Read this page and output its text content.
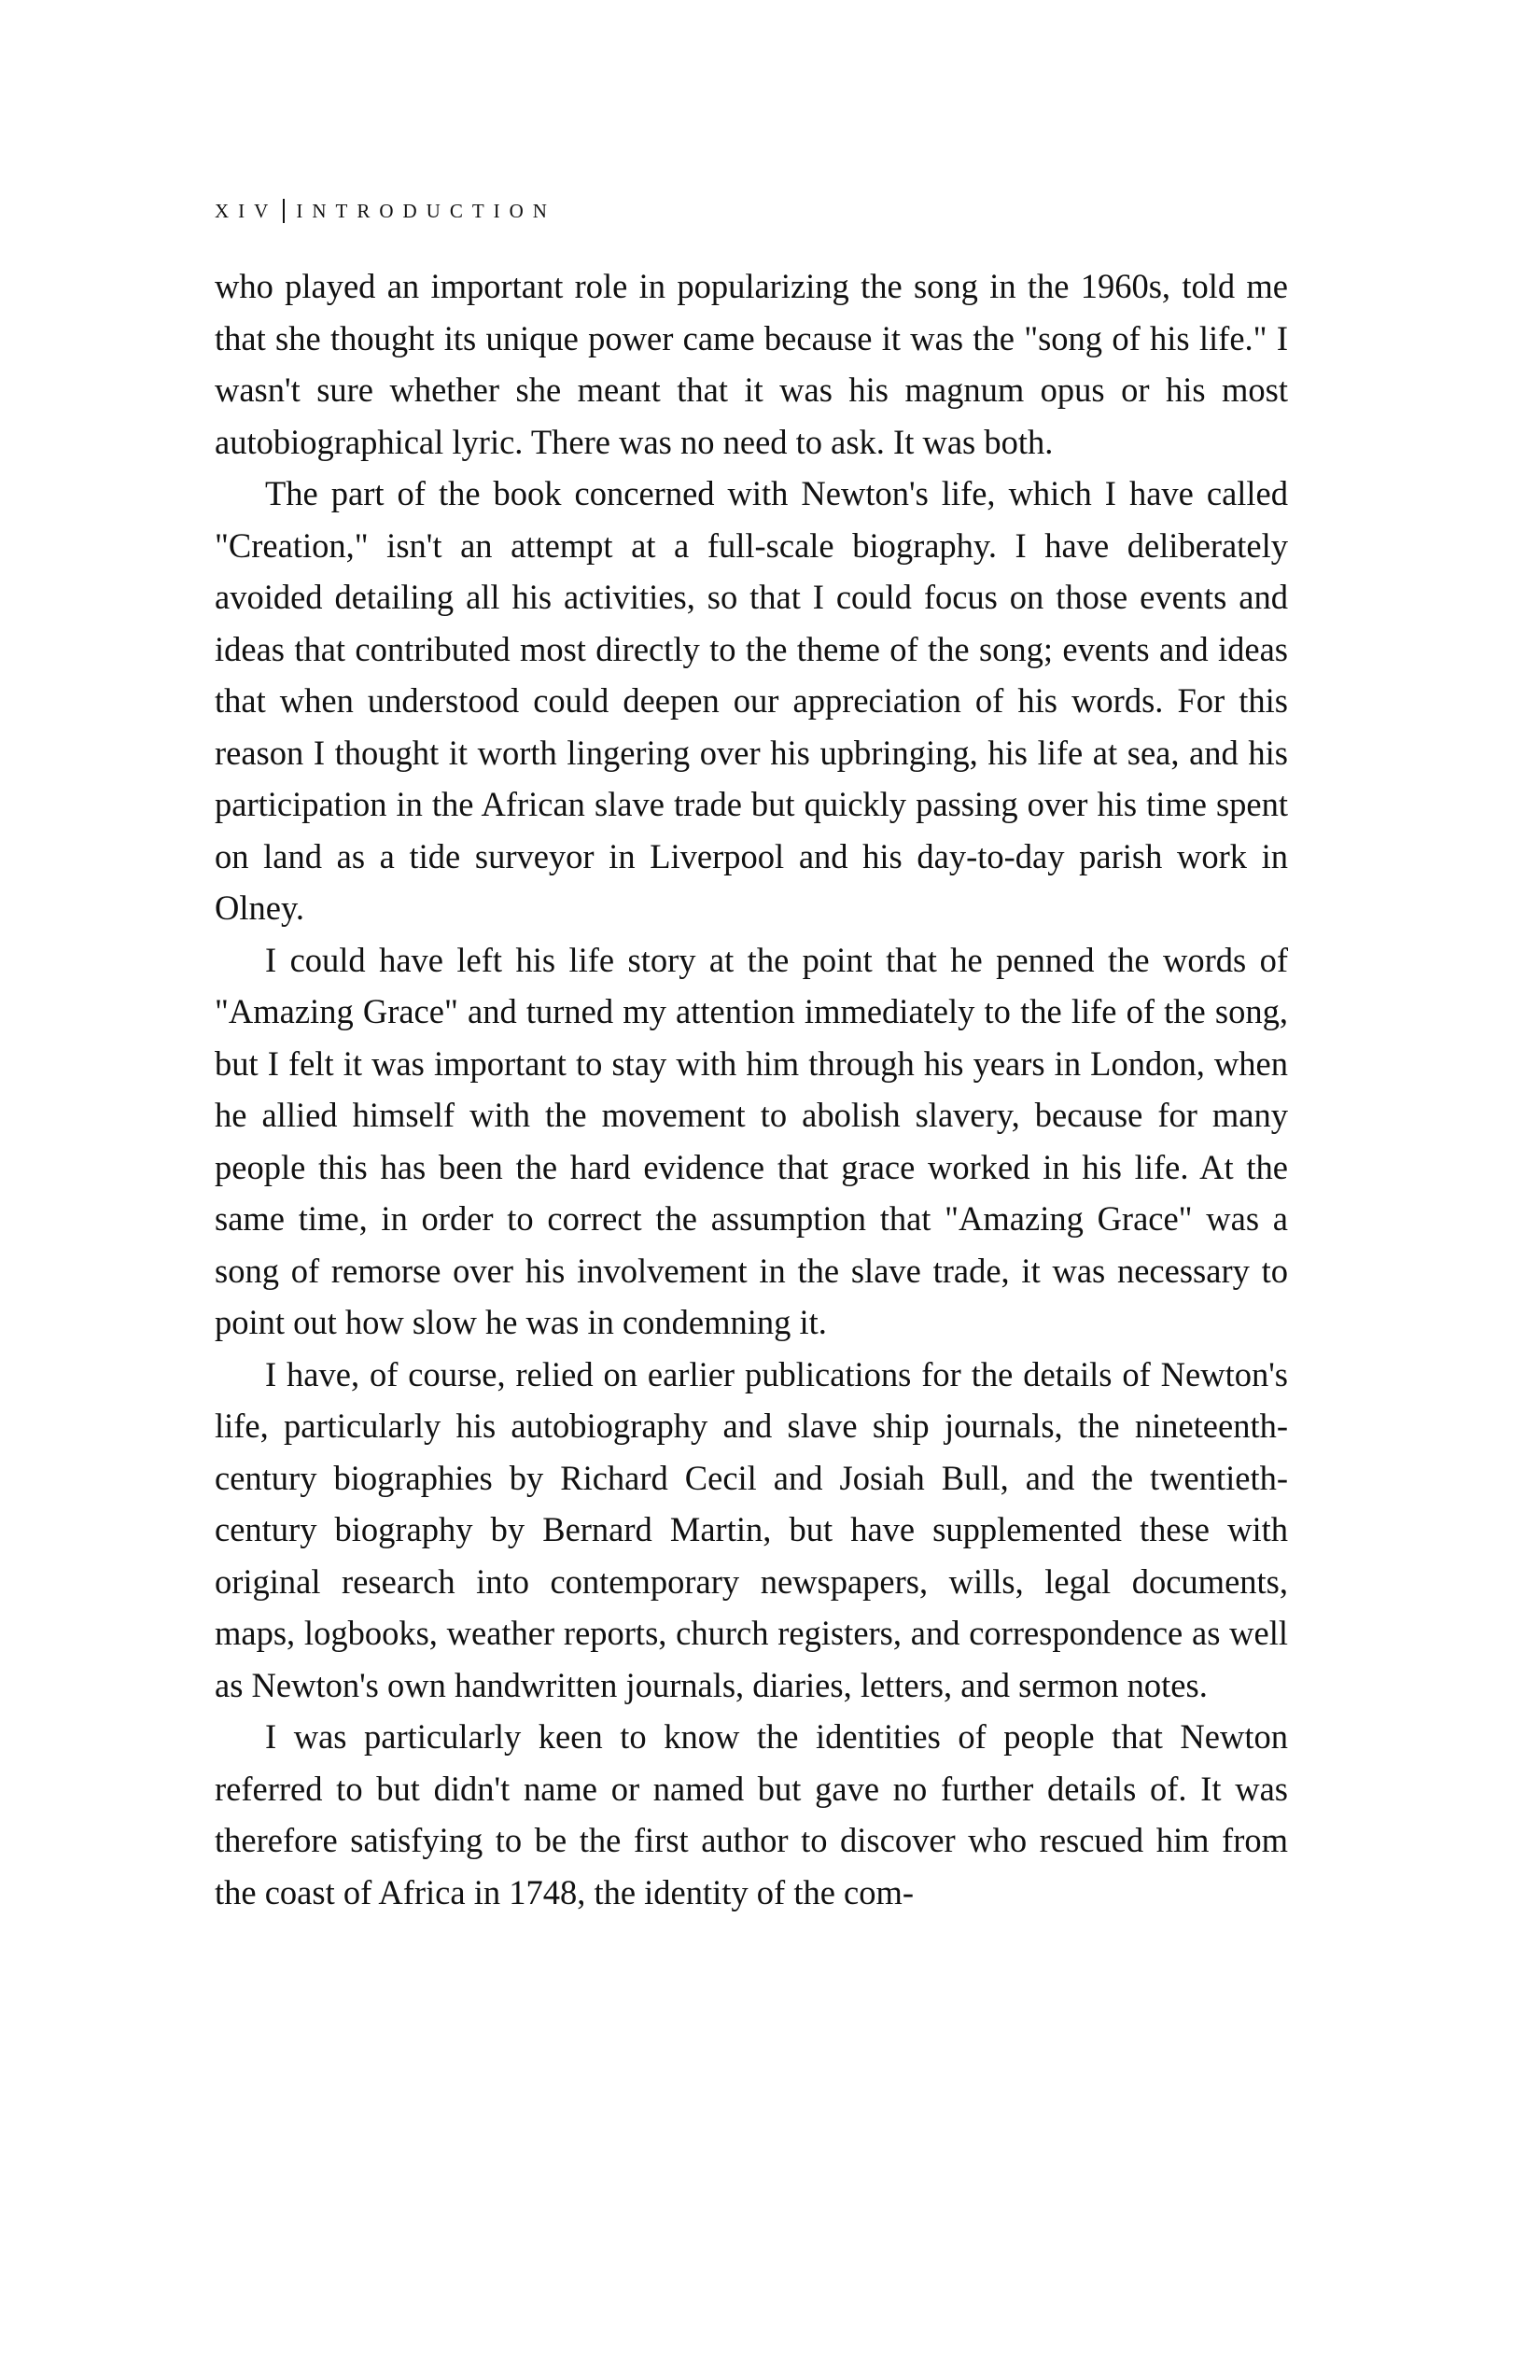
XIV INTRODUCTION

who played an important role in popularizing the song in the 1960s, told me that she thought its unique power came because it was the "song of his life." I wasn't sure whether she meant that it was his magnum opus or his most autobiographical lyric. There was no need to ask. It was both.

The part of the book concerned with Newton's life, which I have called "Creation," isn't an attempt at a full-scale biography. I have deliberately avoided detailing all his activities, so that I could focus on those events and ideas that contributed most directly to the theme of the song; events and ideas that when understood could deepen our appreciation of his words. For this reason I thought it worth lingering over his upbringing, his life at sea, and his participation in the African slave trade but quickly passing over his time spent on land as a tide surveyor in Liverpool and his day-to-day parish work in Olney.

I could have left his life story at the point that he penned the words of "Amazing Grace" and turned my attention immediately to the life of the song, but I felt it was important to stay with him through his years in London, when he allied himself with the movement to abolish slavery, because for many people this has been the hard evidence that grace worked in his life. At the same time, in order to correct the assumption that "Amazing Grace" was a song of remorse over his involvement in the slave trade, it was necessary to point out how slow he was in condemning it.

I have, of course, relied on earlier publications for the details of Newton's life, particularly his autobiography and slave ship journals, the nineteenth-century biographies by Richard Cecil and Josiah Bull, and the twentieth-century biography by Bernard Martin, but have supplemented these with original research into contemporary newspapers, wills, legal documents, maps, logbooks, weather reports, church registers, and correspondence as well as Newton's own handwritten journals, diaries, letters, and sermon notes.

I was particularly keen to know the identities of people that Newton referred to but didn't name or named but gave no further details of. It was therefore satisfying to be the first author to discover who rescued him from the coast of Africa in 1748, the identity of the com-
